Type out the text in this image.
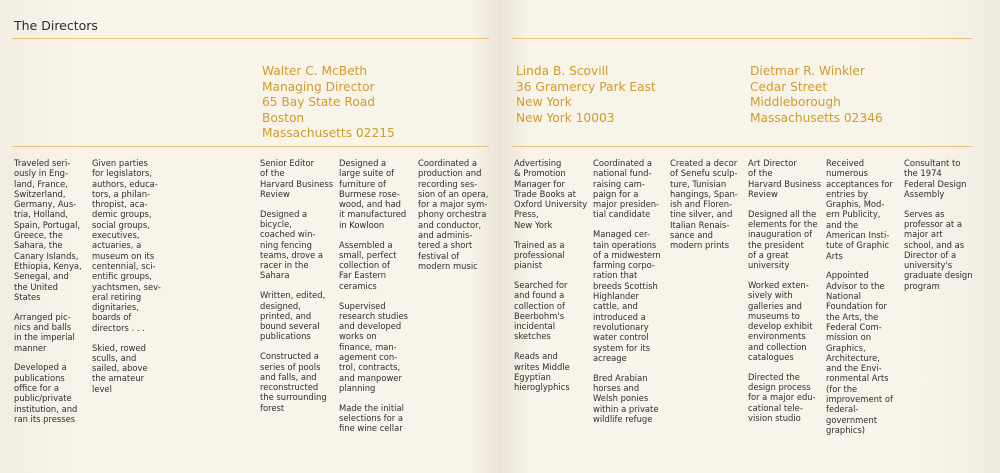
The Directors
Walter C. McBeth
Managing Director
65 Bay State Road
Boston
Massachusetts 02215
Linda B. Scovill
36 Gramercy Park East
New York
New York 10003
Dietmar R. Winkler
Cedar Street
Middleborough
Massachusetts 02346

Traveled seri-
ously in Eng-
land, France,
Switzerland,
Germany, Aus-
tria, Holland,
Spain, Portugal,
Greece, the
Sahara, the
Canary Islands,
Ethiopia, Kenya,
Senegal, and
the United
States

Arranged pic-
nics and balls
in the imperial
manner

Developed a
publications
office for a
public/private
institution, and
ran its presses

Given parties
for legislators,
authors, educa-
tors, a philan-
thropist, aca-
demic groups,
social groups,
executives,
actuaries, a
museum on its
centennial, sci-
entific groups,
yachtsmen, sev-
eral retiring
dignitaries,
boards of
directors . . .

Skied, rowed
sculls, and
sailed, above
the amateur
level

Senior Editor
of the
Harvard Business
Review

Designed a
bicycle,
coached win-
ning fencing
teams, drove a
racer in the
Sahara

Written, edited,
designed,
printed, and
bound several
publications

Constructed a
series of pools
and falls, and
reconstructed
the surrounding
forest

Designed a
large suite of
furniture of
Burmese rose-
wood, and had
it manufactured
in Kowloon

Assembled a
small, perfect
collection of
Far Eastern
ceramics

Supervised
research studies
and developed
works on
finance, man-
agement con-
trol, contracts,
and manpower
planning

Made the initial
selections for a
fine wine cellar

Coordinated a
production and
recording ses-
sion of an opera,
for a major sym-
phony orchestra
and conductor,
and adminis-
tered a short
festival of
modern music

Advertising
& Promotion
Manager for
Trade Books at
Oxford University
Press,
New York

Trained as a
professional
pianist

Searched for
and found a
collection of
Beerbohm's
incidental
sketches

Reads and
writes Middle
Egyptian
hieroglyphics

Coordinated a
national fund-
raising cam-
paign for a
major presiden-
tial candidate

Managed cer-
tain operations
of a midwestern
farming corpo-
ration that
breeds Scottish
Highlander
cattle, and
introduced a
revolutionary
water control
system for its
acreage

Bred Arabian
horses and
Welsh ponies
within a private
wildlife refuge

Created a decor
of Senefu sculp-
ture, Tunisian
hangings, Span-
ish and Floren-
tine silver, and
Italian Renais-
sance and
modern prints

Art Director
of the
Harvard Business
Review

Designed all the
elements for the
inauguration of
the president
of a great
university

Worked exten-
sively with
galleries and
museums to
develop exhibit
environments
and collection
catalogues

Directed the
design process
for a major edu-
cational tele-
vision studio

Received
numerous
acceptances for
entries by
Graphis, Mod-
ern Publicity,
and the
American Insti-
tute of Graphic
Arts

Appointed
Advisor to the
National
Foundation for
the Arts, the
Federal Com-
mission on
Graphics,
Architecture,
and the Envi-
ronmental Arts
(for the
improvement of
federal-
government
graphics)

Consultant to
the 1974
Federal Design
Assembly

Serves as
professor at a
major art
school, and as
Director of a
university's
graduate design
program
